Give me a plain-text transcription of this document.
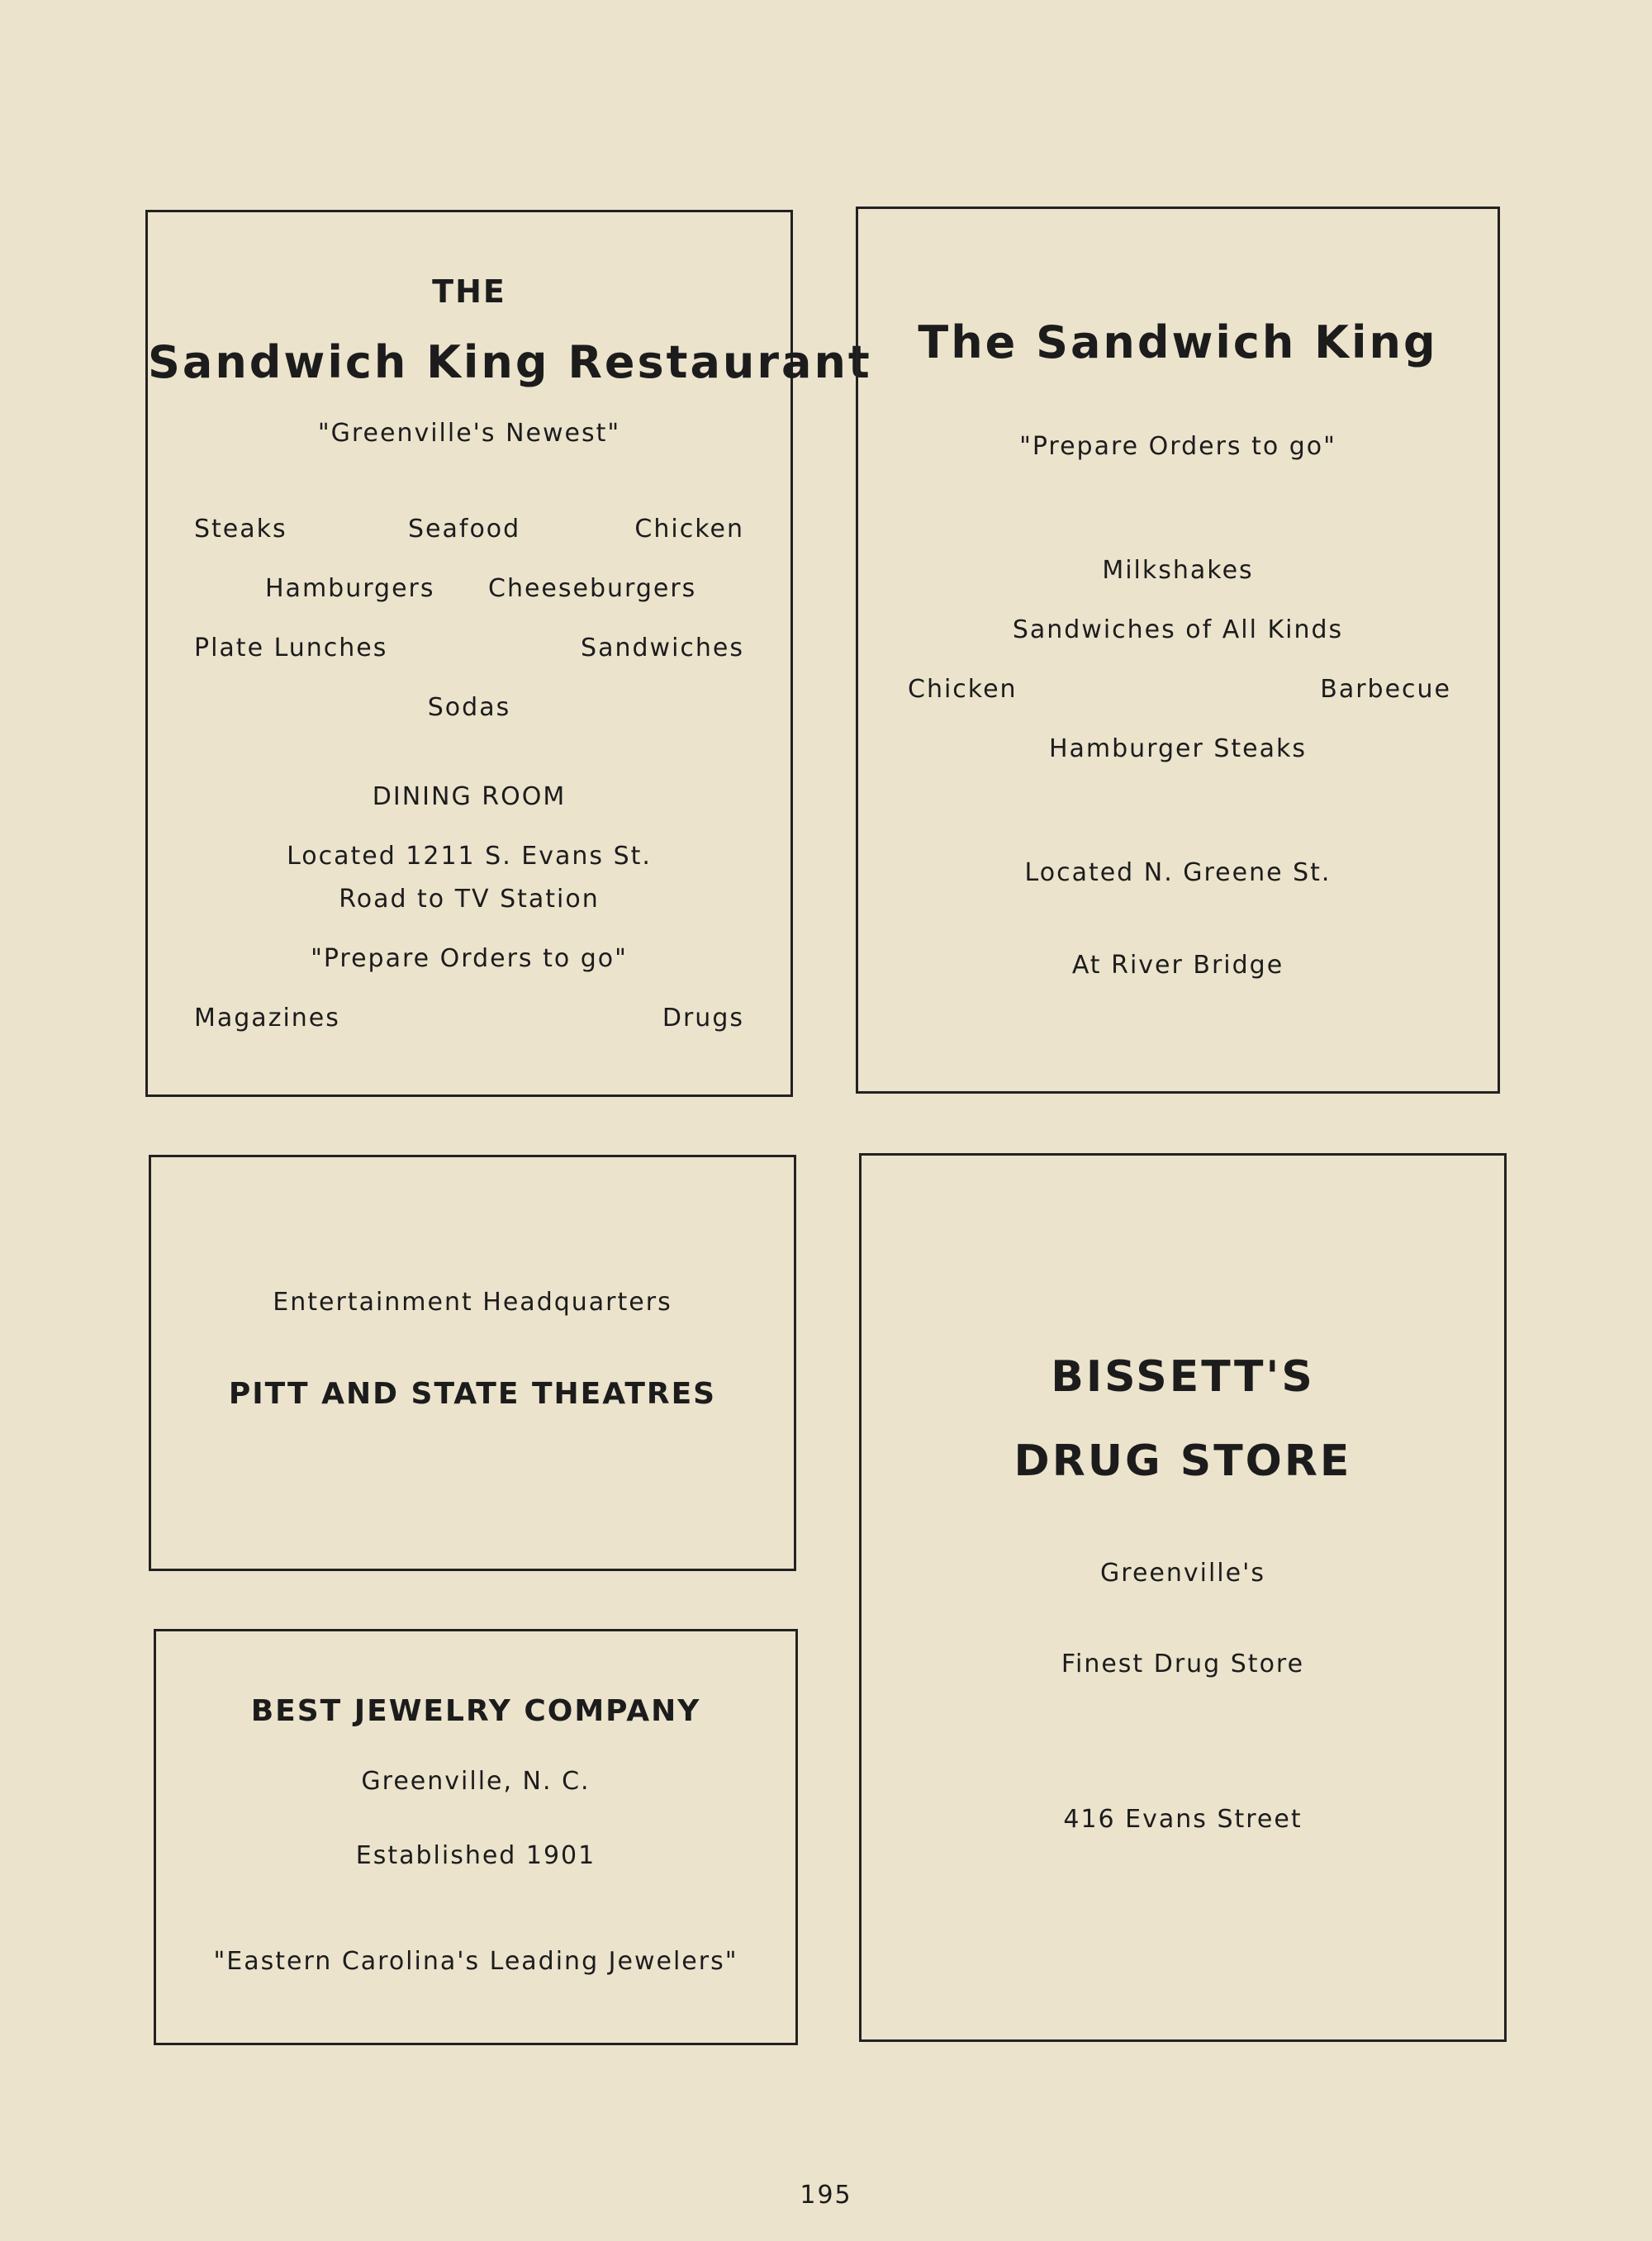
THE
Sandwich King Restaurant
"Greenville's Newest"
Steaks	Seafood	Chicken
Hamburgers Cheeseburgers
Plate Lunches	Sandwiches
Sodas
DINING ROOM
Located 1211 S. Evans St.
Road to TV Station
"Prepare Orders to go"
Magazines	Drugs
The Sandwich King
"Prepare Orders to go"
Milkshakes
Sandwiches of All Kinds
Chicken	Barbecue
Hamburger Steaks
Located N. Greene St.
At River Bridge
Entertainment Headquarters
PITT AND STATE THEATRES	BISSETT'S
DRUG STORE
Greenville's
Finest Drug Store
416 Evans Street
BEST JEWELRY COMPANY
Greenville, N. C.
Established 1901
"Eastern Carolina's Leading Jewelers"
195
